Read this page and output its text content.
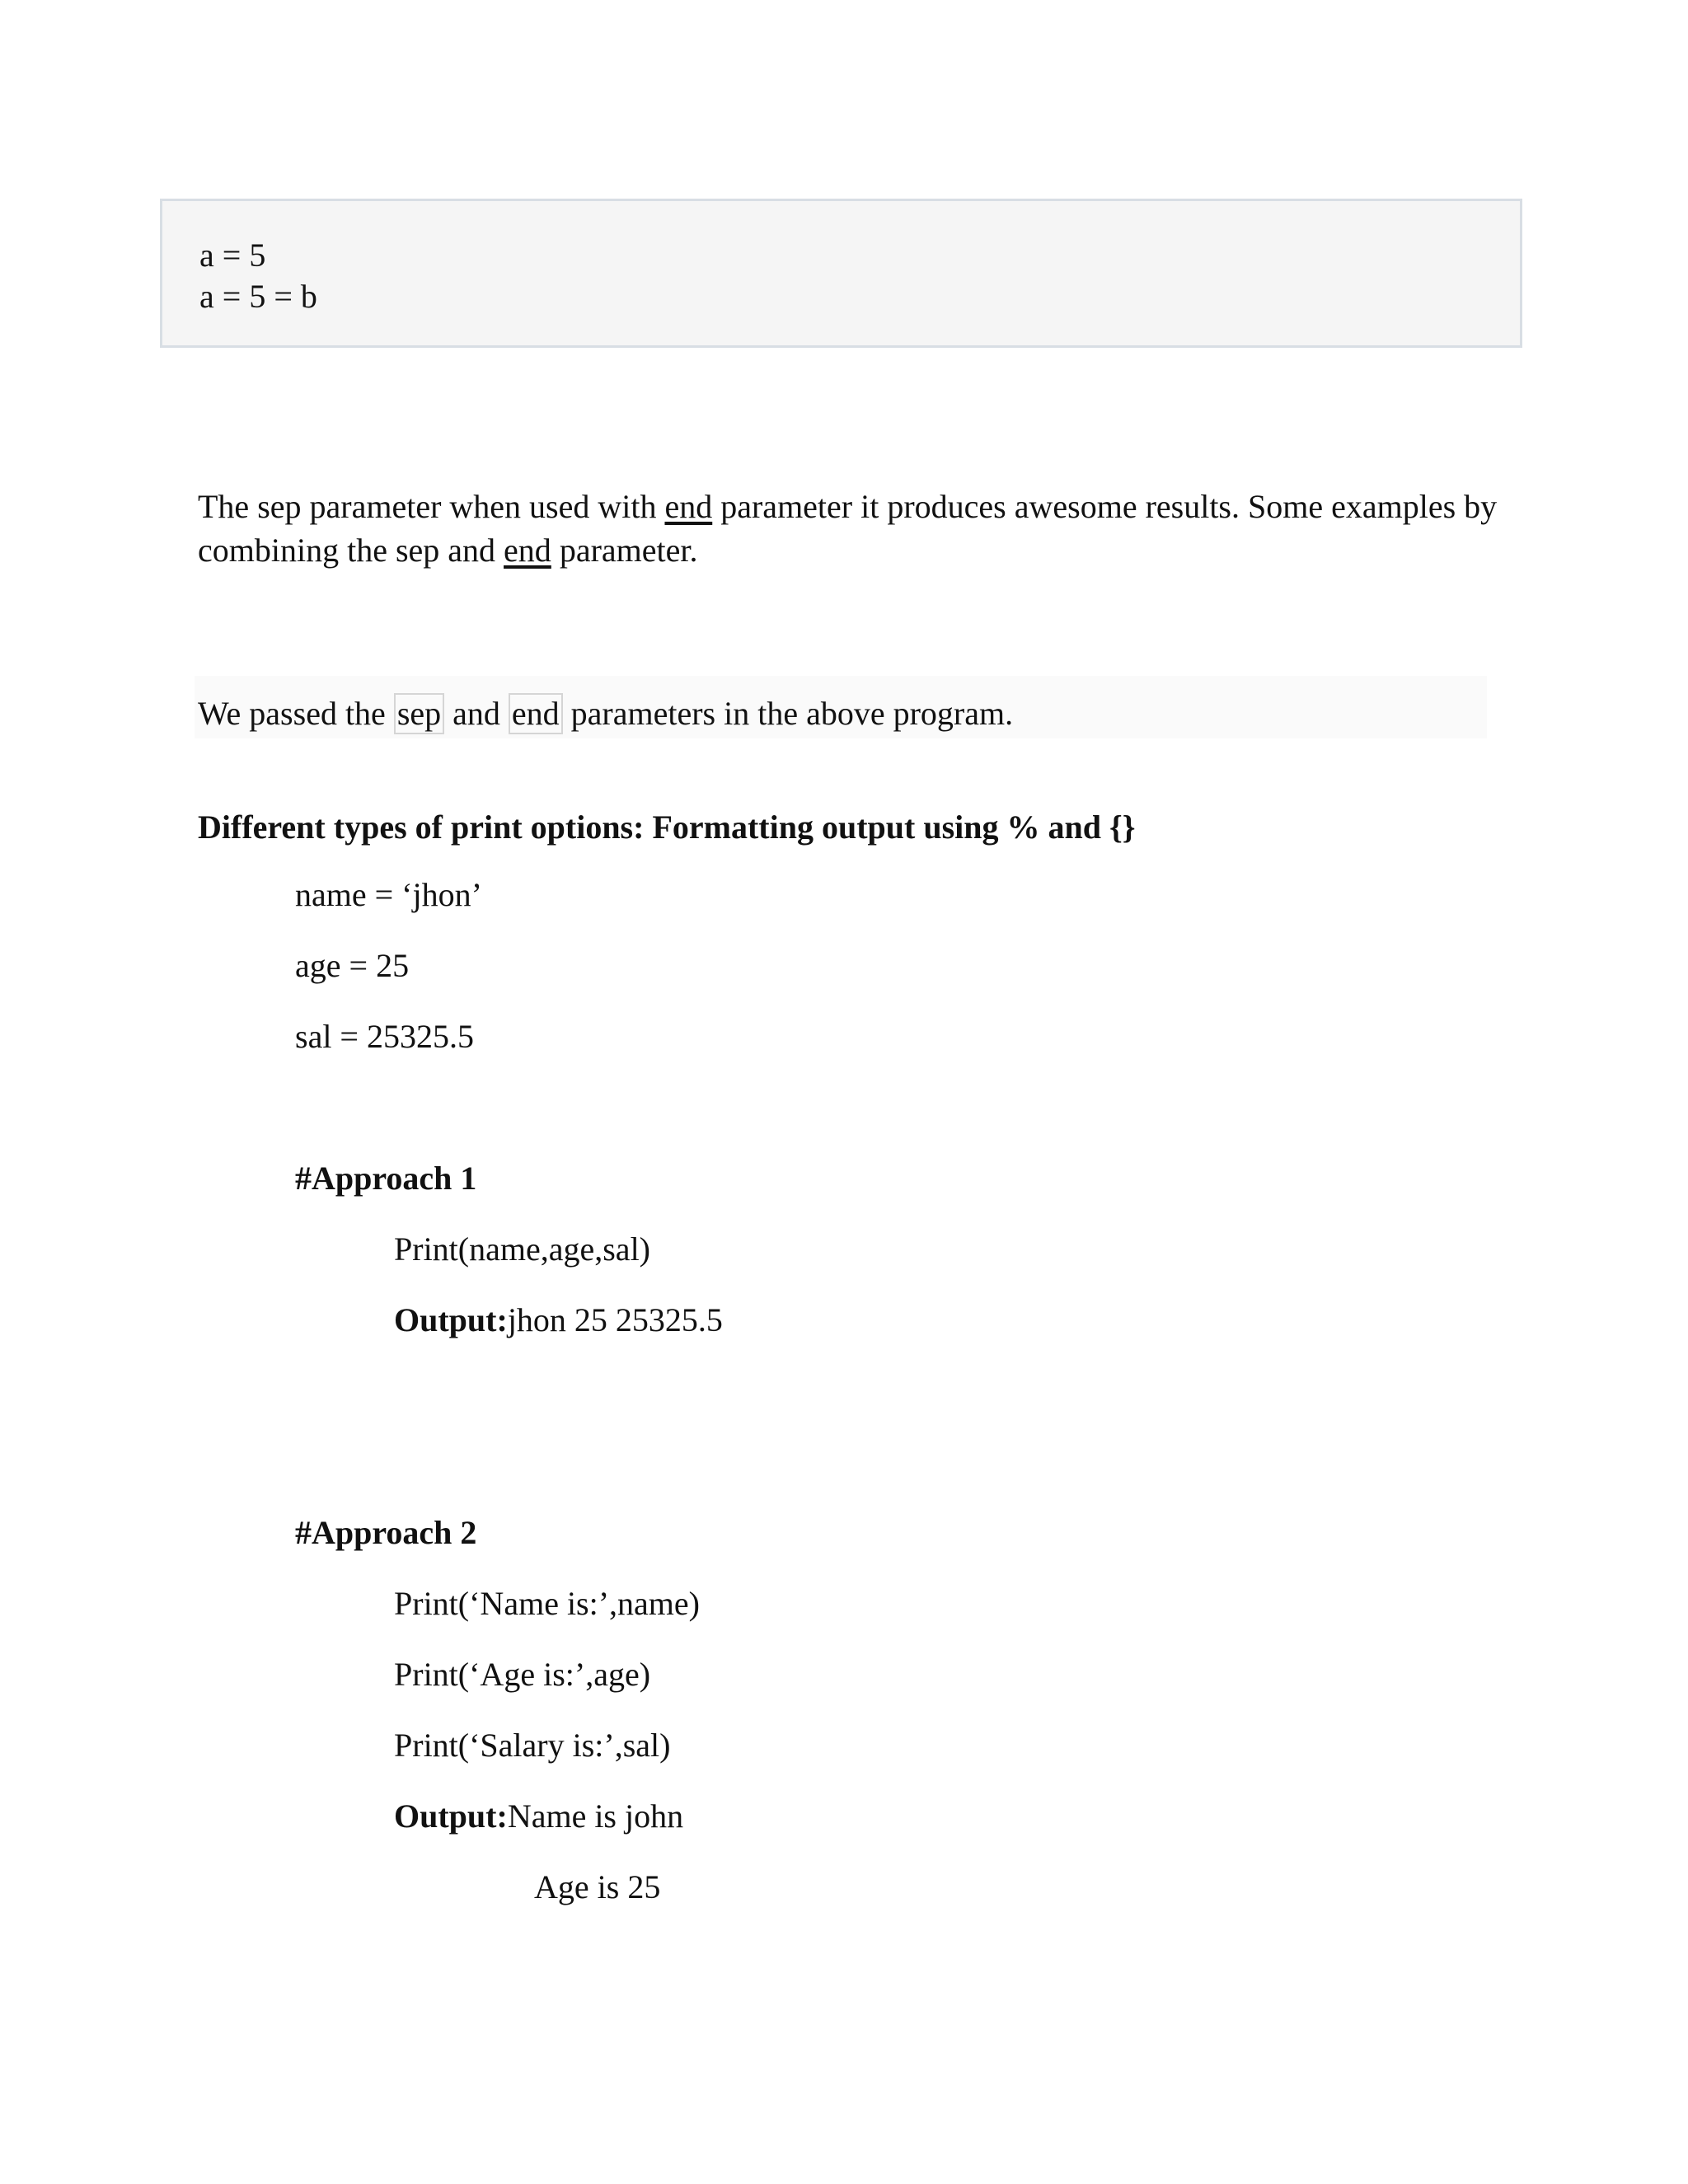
a = 5
a = 5 = b
The sep parameter when used with end parameter it produces awesome results. Some examples by combining the sep and end parameter.
We passed the sep and end parameters in the above program.
Different types of print options: Formatting output using % and {}
name = ‘jhon’
age = 25
sal = 25325.5
#Approach 1
Print(name,age,sal)
Output:jhon 25 25325.5
#Approach 2
Print(‘Name is:’,name)
Print(‘Age is:’,age)
Print(‘Salary is:’,sal)
Output:Name is john
Age is 25
